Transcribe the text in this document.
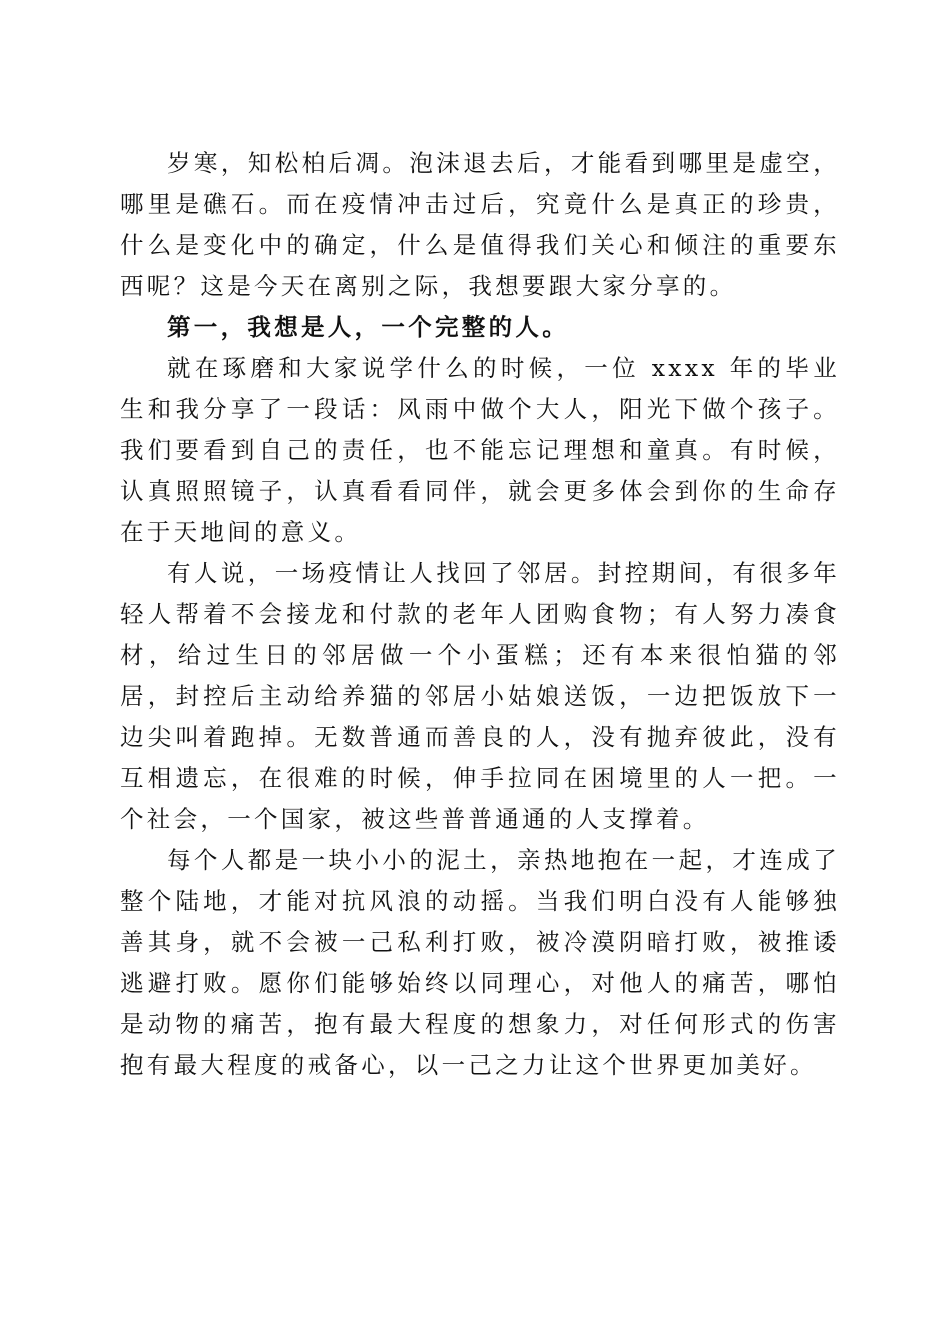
岁寒，知松柏后凋。泡沫退去后，才能看到哪里是虚空，哪里是礁石。而在疫情冲击过后，究竟什么是真正的珍贵，什么是变化中的确定，什么是值得我们关心和倾注的重要东西呢？这是今天在离别之际，我想要跟大家分享的。

第一，我想是人，一个完整的人。

就在琢磨和大家说学什么的时候，一位 xxxx 年的毕业生和我分享了一段话：风雨中做个大人，阳光下做个孩子。我们要看到自己的责任，也不能忘记理想和童真。有时候，认真照照镜子，认真看看同伴，就会更多体会到你的生命存在于天地间的意义。

有人说，一场疫情让人找回了邻居。封控期间，有很多年轻人帮着不会接龙和付款的老年人团购食物；有人努力凑食材，给过生日的邻居做一个小蛋糕；还有本来很怕猫的邻居，封控后主动给养猫的邻居小姑娘送饭，一边把饭放下一边尖叫着跑掉。无数普通而善良的人，没有抛弃彼此，没有互相遗忘，在很难的时候，伸手拉同在困境里的人一把。一个社会，一个国家，被这些普普通通的人支撑着。

每个人都是一块小小的泥土，亲热地抱在一起，才连成了整个陆地，才能对抗风浪的动摇。当我们明白没有人能够独善其身，就不会被一己私利打败，被冷漠阴暗打败，被推诿逃避打败。愿你们能够始终以同理心，对他人的痛苦，哪怕是动物的痛苦，抱有最大程度的想象力，对任何形式的伤害抱有最大程度的戒备心，以一己之力让这个世界更加美好。
